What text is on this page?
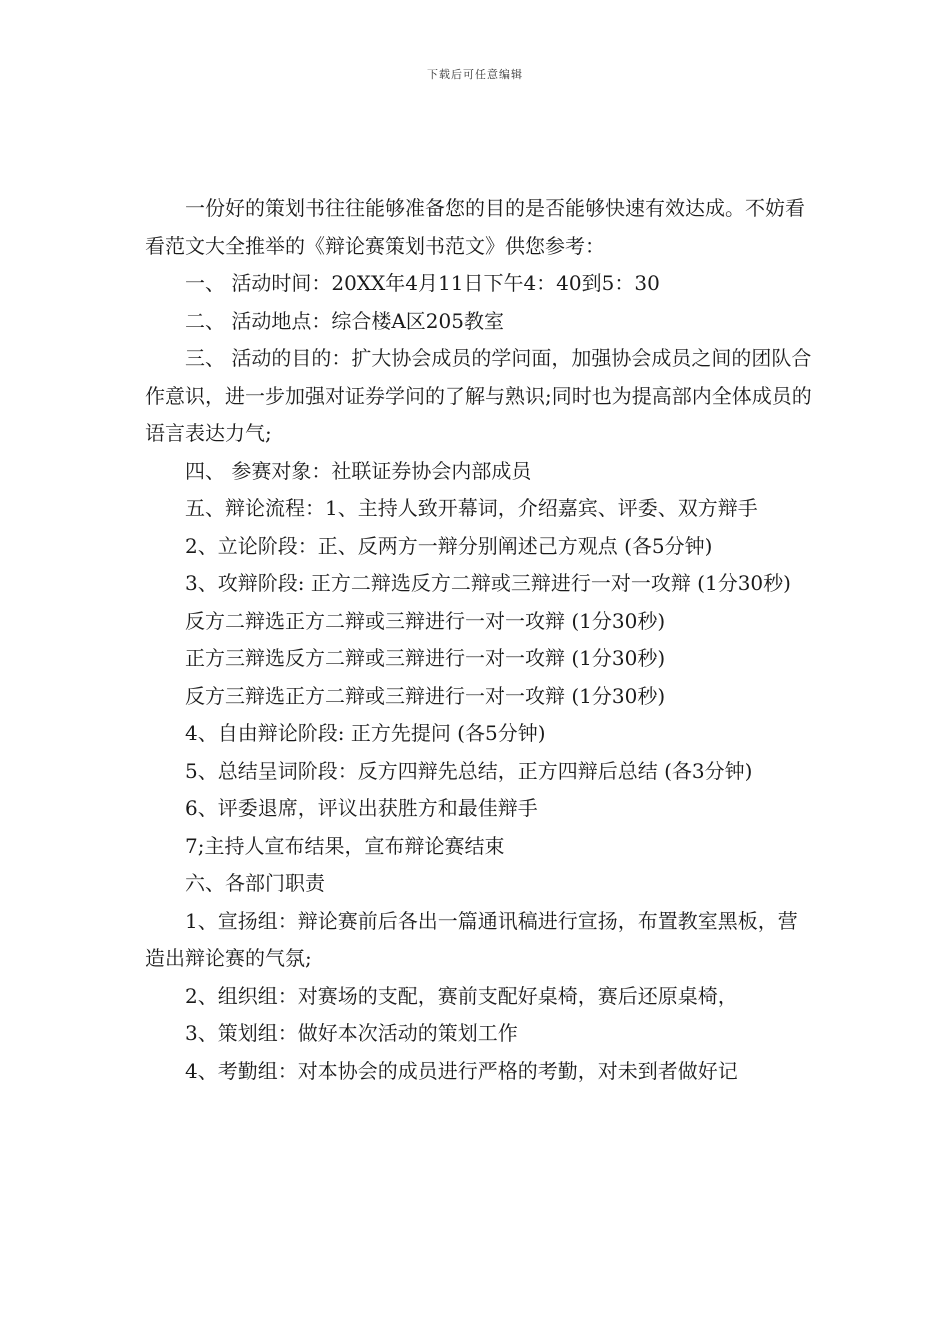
下载后可任意编辑

一份好的策划书往往能够准备您的目的是否能够快速有效达成。不妨看看范文大全推举的《辩论赛策划书范文》供您参考：

一、 活动时间：20XX年4月11日下午4：40到5：30

二、 活动地点：综合楼A区205教室

三、 活动的目的：扩大协会成员的学问面，加强协会成员之间的团队合作意识，进一步加强对证券学问的了解与熟识;同时也为提高部内全体成员的语言表达力气;

四、 参赛对象：社联证券协会内部成员

五、辩论流程：1、主持人致开幕词，介绍嘉宾、评委、双方辩手

2、立论阶段：正、反两方一辩分别阐述己方观点 (各5分钟)

3、攻辩阶段: 正方二辩选反方二辩或三辩进行一对一攻辩 (1分30秒)

反方二辩选正方二辩或三辩进行一对一攻辩 (1分30秒)

正方三辩选反方二辩或三辩进行一对一攻辩 (1分30秒)

反方三辩选正方二辩或三辩进行一对一攻辩 (1分30秒)

4、自由辩论阶段: 正方先提问 (各5分钟)

5、总结呈词阶段：反方四辩先总结，正方四辩后总结 (各3分钟)

6、评委退席，评议出获胜方和最佳辩手

7;主持人宣布结果，宣布辩论赛结束

六、各部门职责

1、宣扬组：辩论赛前后各出一篇通讯稿进行宣扬，布置教室黑板，营造出辩论赛的气氛;

2、组织组：对赛场的支配，赛前支配好桌椅，赛后还原桌椅，

3、策划组：做好本次活动的策划工作

4、考勤组：对本协会的成员进行严格的考勤，对未到者做好记
